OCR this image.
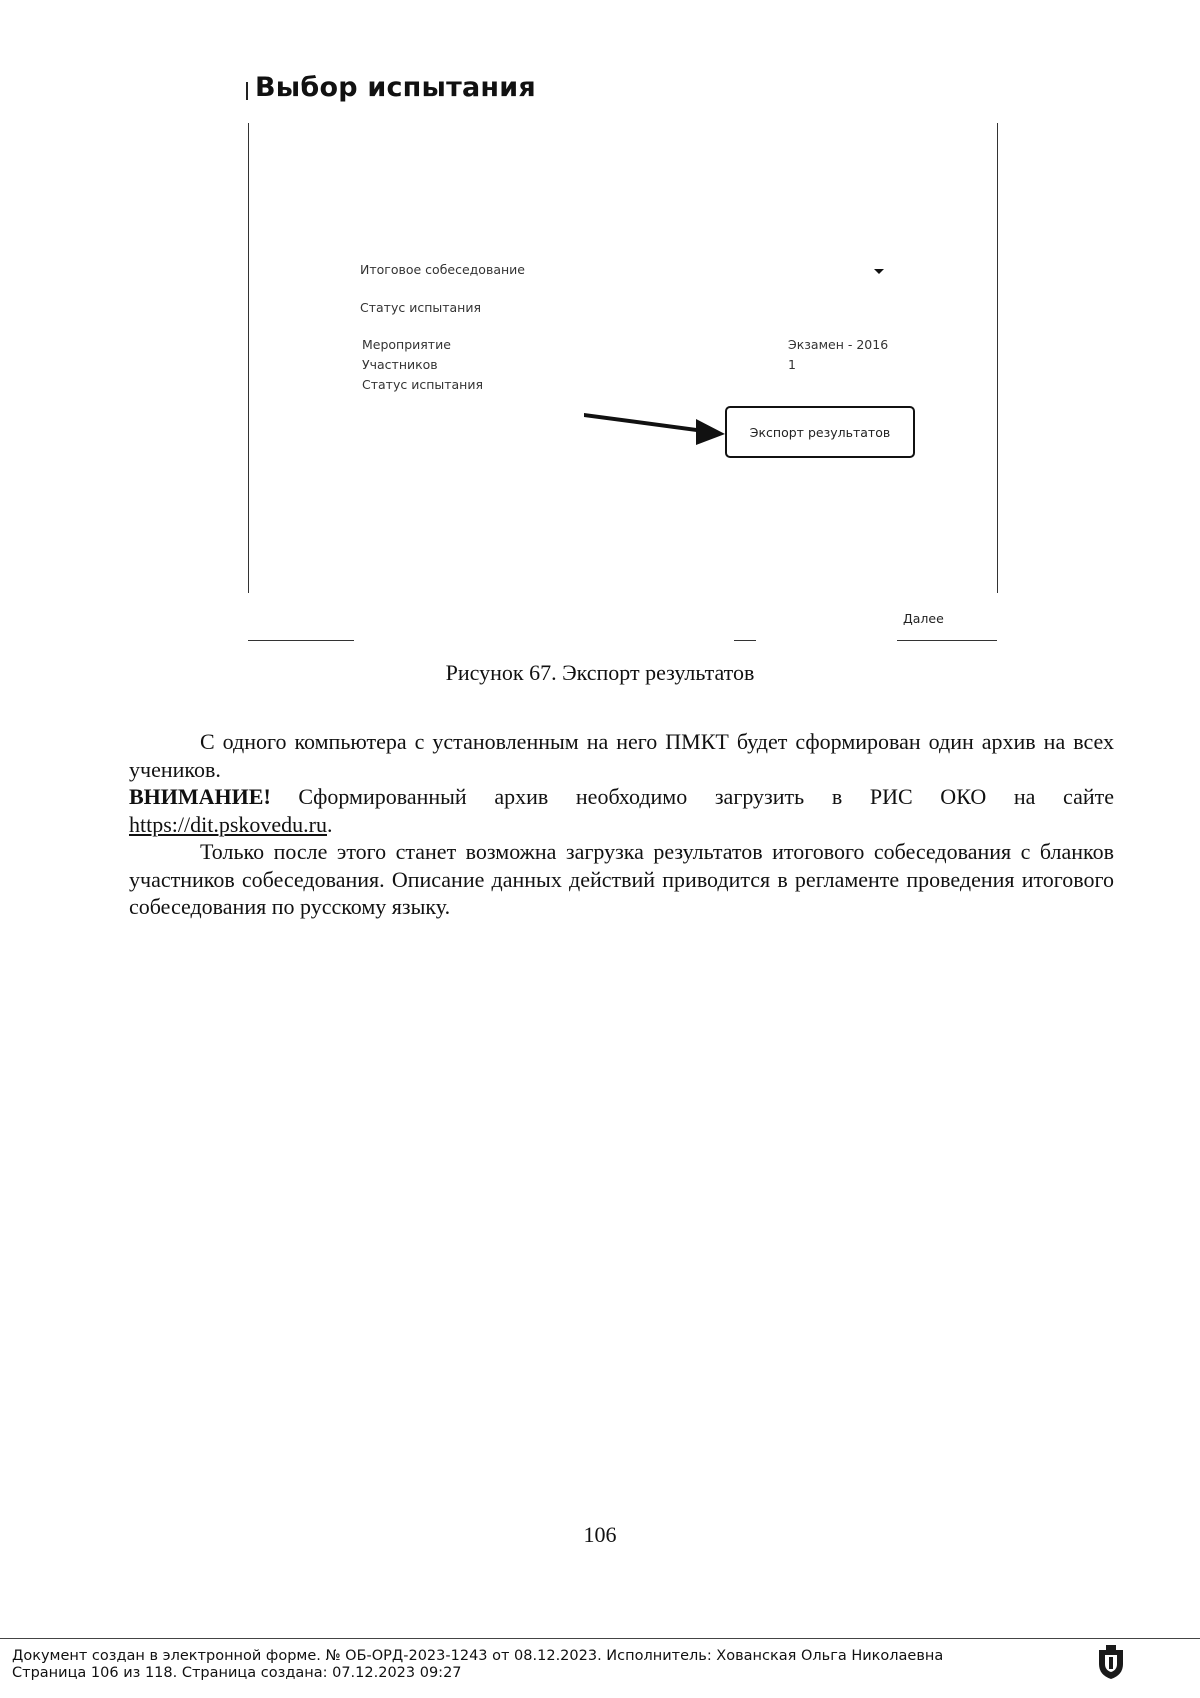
Выбор испытания
Итоговое собеседование
Статус испытания
Мероприятие	Экзамен - 2016
Участников	1
Статус испытания
Экспорт результатов
Далее
Рисунок 67. Экспорт результатов

С одного компьютера с установленным на него ПМКТ будет сформирован один архив на всех учеников.

ВНИМАНИЕ! Сформированный архив необходимо загрузить в РИС ОКО на сайте https://dit.pskovedu.ru.

Только после этого станет возможна загрузка результатов итогового собеседования с бланков участников собеседования. Описание данных действий приводится в регламенте проведения итогового собеседования по русскому языку.

106
Документ создан в электронной форме. № ОБ-ОРД-2023-1243 от 08.12.2023. Исполнитель: Хованская Ольга Николаевна
Страница 106 из 118. Страница создана: 07.12.2023 09:27
